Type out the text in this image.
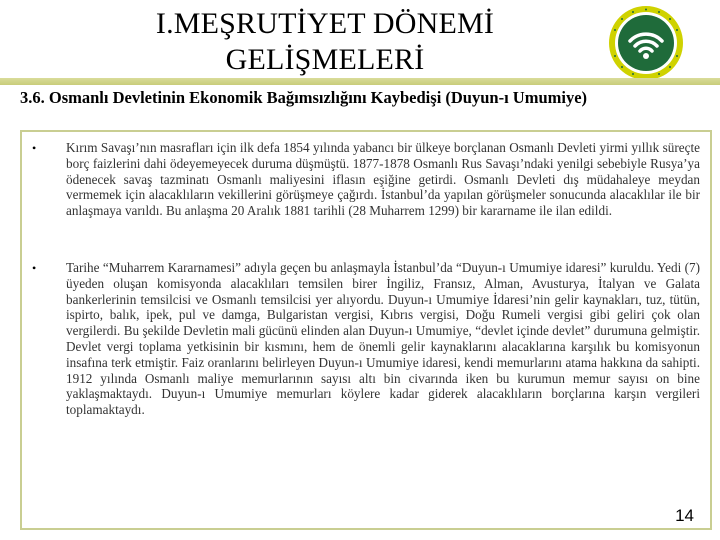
I.MEŞRUTİYET DÖNEMİ
GELİŞMELERİ
3.6. Osmanlı Devletinin Ekonomik Bağımsızlığını Kaybedişi (Duyun-ı Umumiye)
•	Kırım Savaşı’nın masrafları için ilk defa 1854 yılında yabancı bir ülkeye borçlanan Osmanlı Devleti yirmi yıllık süreçte borç faizlerini dahi ödeyemeyecek duruma düşmüştü. 1877-1878 Osmanlı Rus Savaşı’ndaki yenilgi sebebiyle Rusya’ya ödenecek savaş tazminatı Osmanlı maliyesini iflasın eşiğine getirdi. Osmanlı Devleti dış müdahaleye meydan vermemek için alacaklıların vekillerini görüşmeye çağırdı. İstanbul’da yapılan görüşmeler sonucunda alacaklılar ile bir anlaşmaya varıldı. Bu anlaşma 20 Aralık 1881 tarihli (28 Muharrem 1299) bir kararname ile ilan edildi.
•	Tarihe “Muharrem Kararnamesi” adıyla geçen bu anlaşmayla İstanbul’da “Duyun-ı Umumiye idaresi” kuruldu. Yedi (7) üyeden oluşan komisyonda alacaklıları temsilen birer İngiliz, Fransız, Alman, Avusturya, İtalyan ve Galata bankerlerinin temsilcisi ve Osmanlı temsilcisi yer alıyordu. Duyun-ı Umumiye İdaresi’nin gelir kaynakları, tuz, tütün, ispirto, balık, ipek, pul ve damga, Bulgaristan vergisi, Kıbrıs vergisi, Doğu Rumeli vergisi gibi geliri çok olan vergilerdi. Bu şekilde Devletin mali gücünü elinden alan Duyun-ı Umumiye, “devlet içinde devlet” durumuna gelmiştir. Devlet vergi toplama yetkisinin bir kısmını, hem de önemli gelir kaynaklarını alacaklarına karşılık bu komisyonun insafına terk etmiştir. Faiz oranlarını belirleyen Duyun-ı Umumiye idaresi, kendi memurlarını atama hakkına da sahipti. 1912 yılında Osmanlı maliye memurlarının sayısı altı bin civarında iken bu kurumun memur sayısı on bine yaklaşmaktaydı. Duyun-ı Umumiye memurları köylere kadar giderek alacaklıların borçlarına karşın vergileri toplamaktaydı.
14
